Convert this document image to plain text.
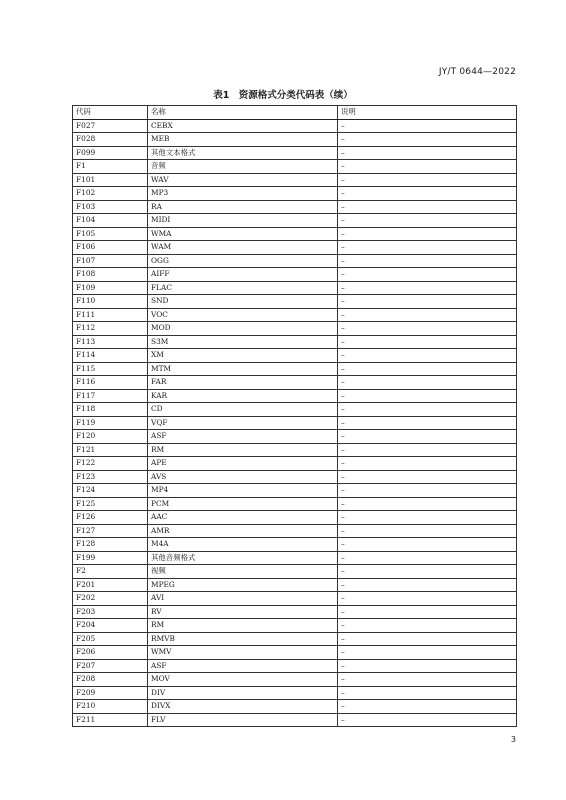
JY/T 0644—2022
表1　资源格式分类代码表（续）
代码	名称	说明
F027	CEBX	–
F028	MEB	–
F099	其他文本格式	–
F1	音频	–
F101	WAV	–
F102	MP3	–
F103	RA	–
F104	MIDI	–
F105	WMA	–
F106	WAM	–
F107	OGG	–
F108	AIFF	–
F109	FLAC	–
F110	SND	–
F111	VOC	–
F112	MOD	–
F113	S3M	–
F114	XM	–
F115	MTM	–
F116	FAR	–
F117	KAR	–
F118	CD	–
F119	VQF	–
F120	ASF	–
F121	RM	–
F122	APE	–
F123	AVS	–
F124	MP4	–
F125	PCM	–
F126	AAC	–
F127	AMR	–
F128	M4A	–
F199	其他音频格式	–
F2	视频	–
F201	MPEG	–
F202	AVI	–
F203	RV	–
F204	RM	–
F205	RMVB	–
F206	WMV	–
F207	ASF	–
F208	MOV	–
F209	DIV	–
F210	DIVX	–
F211	FLV	–
3
